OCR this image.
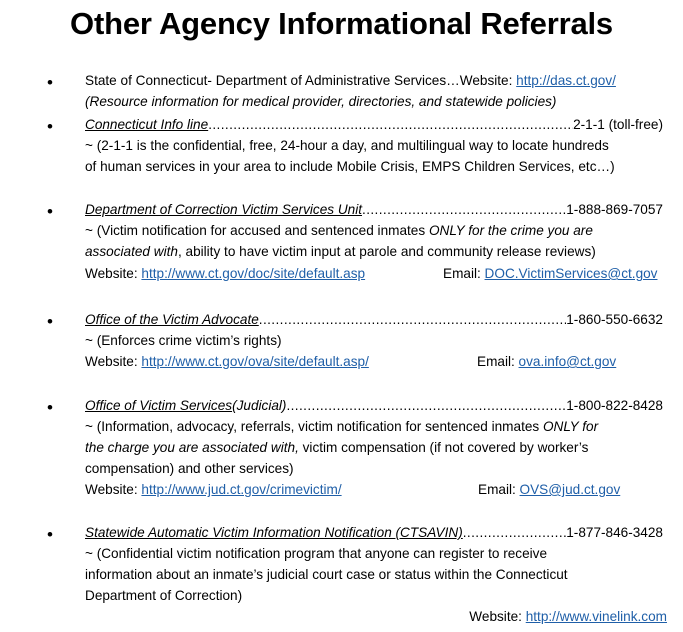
Other Agency Informational Referrals
• State of Connecticut- Department of Administrative Services…Website: http://das.ct.gov/
(Resource information for medical provider, directories, and statewide policies)
• Connecticut Info line .....	2-1-1 (toll-free)
~ (2-1-1 is the confidential, free, 24-hour a day, and multilingual way to locate hundreds
of human services in your area to include Mobile Crisis, EMPS Children Services, etc…)
• Department of Correction Victim Services Unit .....	1-888-869-7057
~ (Victim notification for accused and sentenced inmates ONLY for the crime you are
associated with, ability to have victim input at parole and community release reviews)
Website: http://www.ct.gov/doc/site/default.asp	Email: DOC.VictimServices@ct.gov
• Office of the Victim Advocate .....	1-860-550-6632
~ (Enforces crime victim’s rights)
Website: http://www.ct.gov/ova/site/default.asp/	Email: ova.info@ct.gov
• Office of Victim Services (Judicial) .....	1-800-822-8428
~ (Information, advocacy, referrals, victim notification for sentenced inmates ONLY for
the charge you are associated with, victim compensation (if not covered by worker’s
compensation) and other services)
Website: http://www.jud.ct.gov/crimevictim/	Email: OVS@jud.ct.gov
• Statewide Automatic Victim Information Notification (CTSAVIN) .....	1-877-846-3428
~ (Confidential victim notification program that anyone can register to receive
information about an inmate’s judicial court case or status within the Connecticut
Department of Correction)
Website: http://www.vinelink.com
